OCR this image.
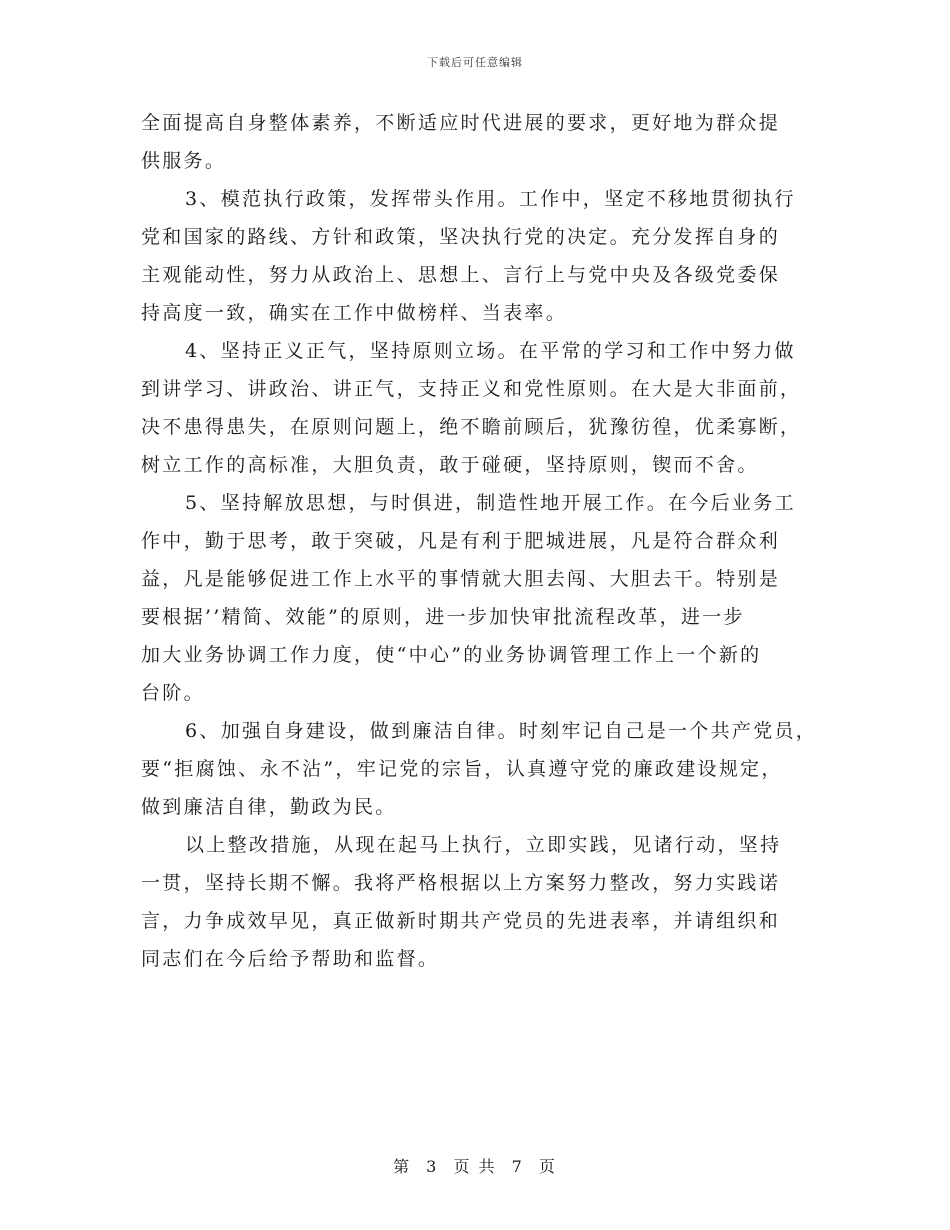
下载后可任意编辑
全面提高自身整体素养，不断适应时代进展的要求，更好地为群众提
供服务。
3、模范执行政策，发挥带头作用。工作中，坚定不移地贯彻执行
党和国家的路线、方针和政策，坚决执行党的决定。充分发挥自身的
主观能动性，努力从政治上、思想上、言行上与党中央及各级党委保
持高度一致，确实在工作中做榜样、当表率。
4、坚持正义正气，坚持原则立场。在平常的学习和工作中努力做
到讲学习、讲政治、讲正气，支持正义和党性原则。在大是大非面前，
决不患得患失，在原则问题上，绝不瞻前顾后，犹豫彷徨，优柔寡断，
树立工作的高标准，大胆负责，敢于碰硬，坚持原则，锲而不舍。
5、坚持解放思想，与时俱进，制造性地开展工作。在今后业务工
作中，勤于思考，敢于突破，凡是有利于肥城进展，凡是符合群众利
益，凡是能够促进工作上水平的事情就大胆去闯、大胆去干。特别是
要根据’’精简、效能”的原则，进一步加快审批流程改革，进一步
加大业务协调工作力度，使“中心”的业务协调管理工作上一个新的
台阶。
6、加强自身建设，做到廉洁自律。时刻牢记自己是一个共产党员，
要“拒腐蚀、永不沾”，牢记党的宗旨，认真遵守党的廉政建设规定，
做到廉洁自律，勤政为民。
以上整改措施，从现在起马上执行，立即实践，见诸行动，坚持
一贯，坚持长期不懈。我将严格根据以上方案努力整改，努力实践诺
言，力争成效早见，真正做新时期共产党员的先进表率，并请组织和
同志们在今后给予帮助和监督。
第 3 页 共 7 页
